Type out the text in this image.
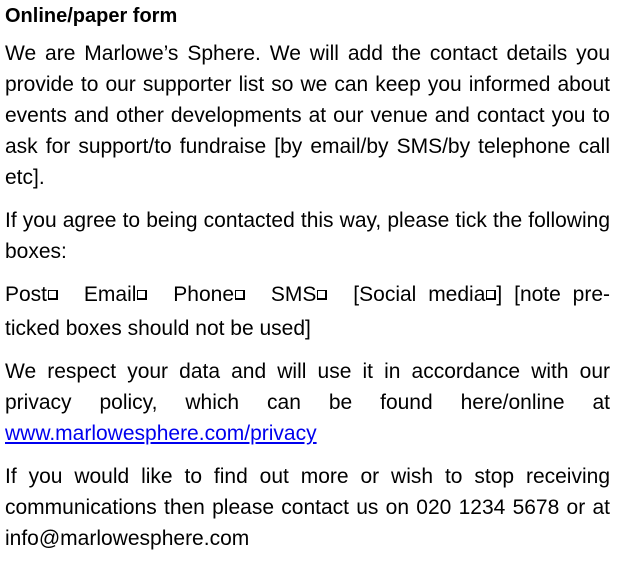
Online/paper form

We are Marlowe’s Sphere. We will add the contact details you provide to our supporter list so we can keep you informed about events and other developments at our venue and contact you to ask for support/to fundraise [by email/by SMS/by telephone call etc].

If you agree to being contacted this way, please tick the following boxes:

Post Email Phone SMS [Social media ] [note pre-ticked boxes should not be used]

We respect your data and will use it in accordance with our privacy policy, which can be found here/online at www.marlowesphere.com/privacy

If you would like to find out more or wish to stop receiving communications then please contact us on 020 1234 5678 or at info@marlowesphere.com
